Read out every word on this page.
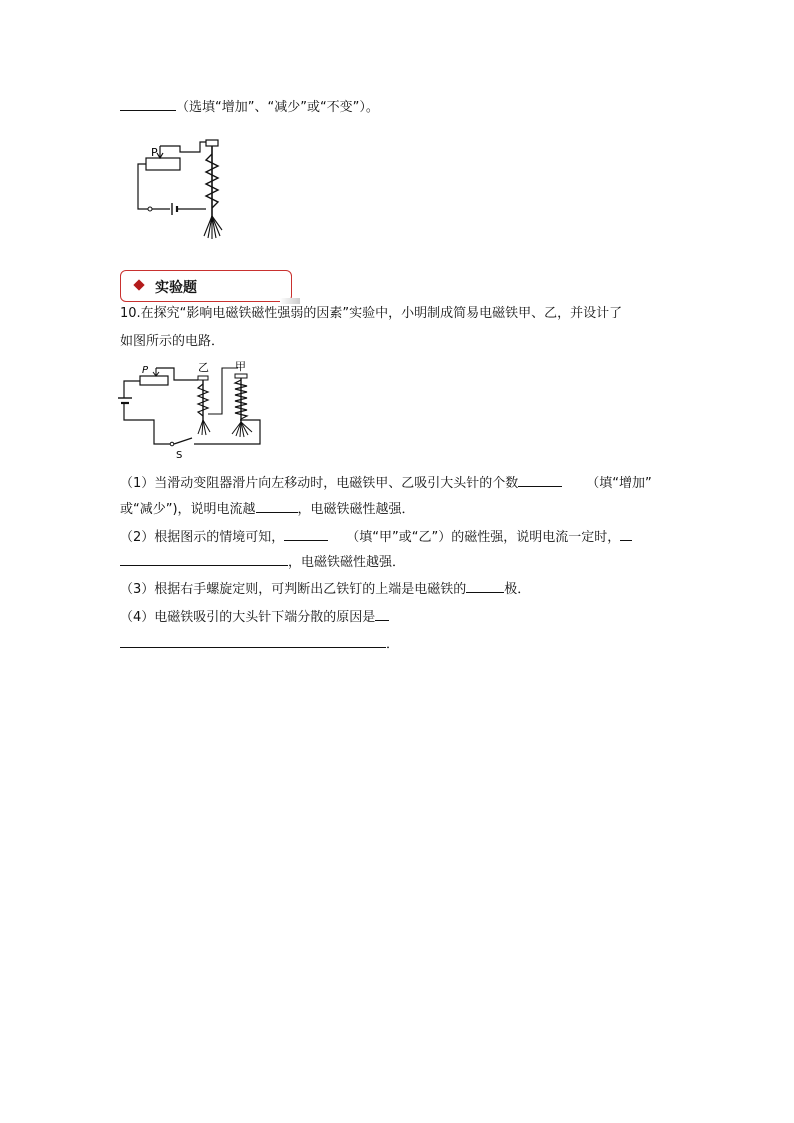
（选填“增加”、“减少”或“不变”）。
P
实验题
10.在探究“影响电磁铁磁性强弱的因素”实验中，小明制成简易电磁铁甲、乙，并设计了
如图所示的电路．
P
S
乙 甲
（1）当滑动变阻器滑片向左移动时，电磁铁甲、乙吸引大头针的个数	（填“增加”
或“减少”)，说明电流越	，电磁铁磁性越强．
（2）根据图示的情境可知，	（填“甲”或“乙”）的磁性强，说明电流一定时，
，电磁铁磁性越强．
（3）根据右手螺旋定则，可判断出乙铁钉的上端是电磁铁的	极．
（4）电磁铁吸引的大头针下端分散的原因是
．
